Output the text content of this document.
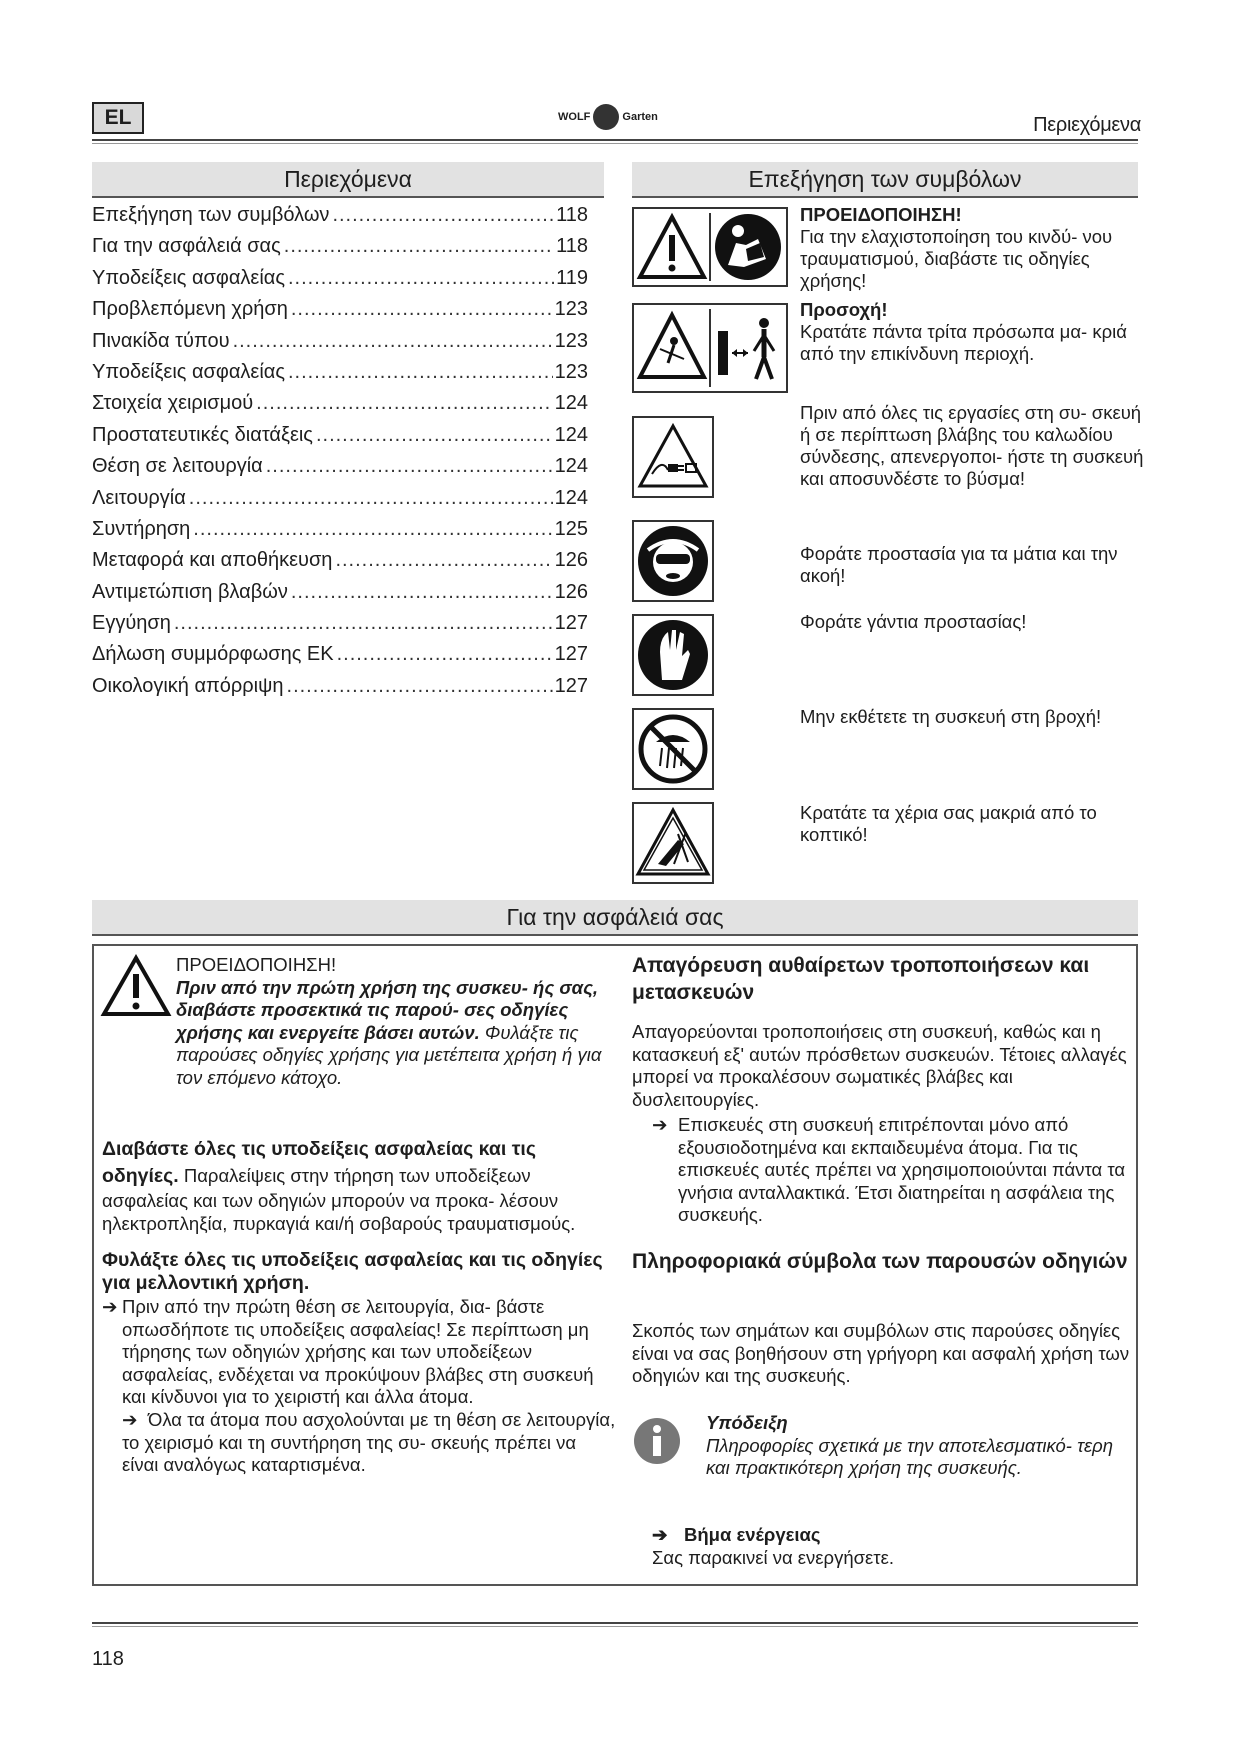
EL	WOLF	Garten	Περιεχόμενα
Περιεχόμενα
Επεξήγηση των συμβόλων .....	118
Για την ασφάλειά σας .....	118
Υποδείξεις ασφαλείας .....	119
Προβλεπόμενη χρήση .....	123
Πινακίδα τύπου .....	123
Υποδείξεις ασφαλείας .....	123
Στοιχεία χειρισμού .....	124
Προστατευτικές διατάξεις .....	124
Θέση σε λειτουργία .....	124
Λειτουργία .....	124
Συντήρηση .....	125
Μεταφορά και αποθήκευση .....	126
Αντιμετώπιση βλαβών .....	126
Εγγύηση .....	127
Δήλωση συμμόρφωσης ΕΚ .....	127
Οικολογική απόρριψη .....	127
Επεξήγηση των συμβόλων
ΠΡΟΕΙΔΟΠΟΙΗΣΗ!
Για την ελαχιστοποίηση του κινδύ- νου τραυματισμού, διαβάστε τις οδηγίες χρήσης!
Προσοχή!
Κρατάτε πάντα τρίτα πρόσωπα μα- κριά από την επικίνδυνη περιοχή.
Πριν από όλες τις εργασίες στη συ- σκευή ή σε περίπτωση βλάβης του καλωδίου σύνδεσης, απενεργοποι- ήστε τη συσκευή και αποσυνδέστε το βύσμα!
Φοράτε προστασία για τα μάτια και την ακοή!
Φοράτε γάντια προστασίας!
Μην εκθέτετε τη συσκευή στη βροχή!
Κρατάτε τα χέρια σας μακριά από το κοπτικό!
Για την ασφάλειά σας
ΠΡΟΕΙΔΟΠΟΙΗΣΗ!
Πριν από την πρώτη χρήση της συσκευ- ής σας, διαβάστε προσεκτικά τις παρού- σες οδηγίες χρήσης και ενεργείτε βάσει αυτών. Φυλάξτε τις παρούσες οδηγίες χρήσης για μετέπειτα χρήση ή για τον επόμενο κάτοχο.
Διαβάστε όλες τις υποδείξεις ασφαλείας και τις οδηγίες. Παραλείψεις στην τήρηση των υποδείξεων ασφαλείας και των οδηγιών μπορούν να προκα- λέσουν ηλεκτροπληξία, πυρκαγιά και/ή σοβαρούς τραυματισμούς.
Φυλάξτε όλες τις υποδείξεις ασφαλείας και τις οδηγίες για μελλοντική χρήση.
➔ Πριν από την πρώτη θέση σε λειτουργία, δια- βάστε οπωσδήποτε τις υποδείξεις ασφαλείας! Σε περίπτωση μη τήρησης των οδηγιών χρήσης και των υποδείξεων ασφαλείας, ενδέχεται να προκύψουν βλάβες στη συσκευή και κίνδυνοι για το χειριστή και άλλα άτομα.
➔ Όλα τα άτομα που ασχολούνται με τη θέση σε λειτουργία, το χειρισμό και τη συντήρηση της συ- σκευής πρέπει να είναι αναλόγως καταρτισμένα.
Απαγόρευση αυθαίρετων τροποποιήσεων και μετασκευών
Απαγορεύονται τροποποιήσεις στη συσκευή, καθώς και η κατασκευή εξ' αυτών πρόσθετων συσκευών. Τέτοιες αλλαγές μπορεί να προκαλέσουν σωματικές βλάβες και δυσλειτουργίες.
➔ Επισκευές στη συσκευή επιτρέπονται μόνο από εξουσιοδοτημένα και εκπαιδευμένα άτομα. Για τις επισκευές αυτές πρέπει να χρησιμοποιούνται πάντα τα γνήσια ανταλλακτικά. Έτσι διατηρείται η ασφάλεια της συσκευής.
Πληροφοριακά σύμβολα των παρουσών οδηγιών
Σκοπός των σημάτων και συμβόλων στις παρούσες οδηγίες είναι να σας βοηθήσουν στη γρήγορη και ασφαλή χρήση των οδηγιών και της συσκευής.
Υπόδειξη
Πληροφορίες σχετικά με την αποτελεσματικό- τερη και πρακτικότερη χρήση της συσκευής.
➔ Βήμα ενέργειας
Σας παρακινεί να ενεργήσετε.
118
